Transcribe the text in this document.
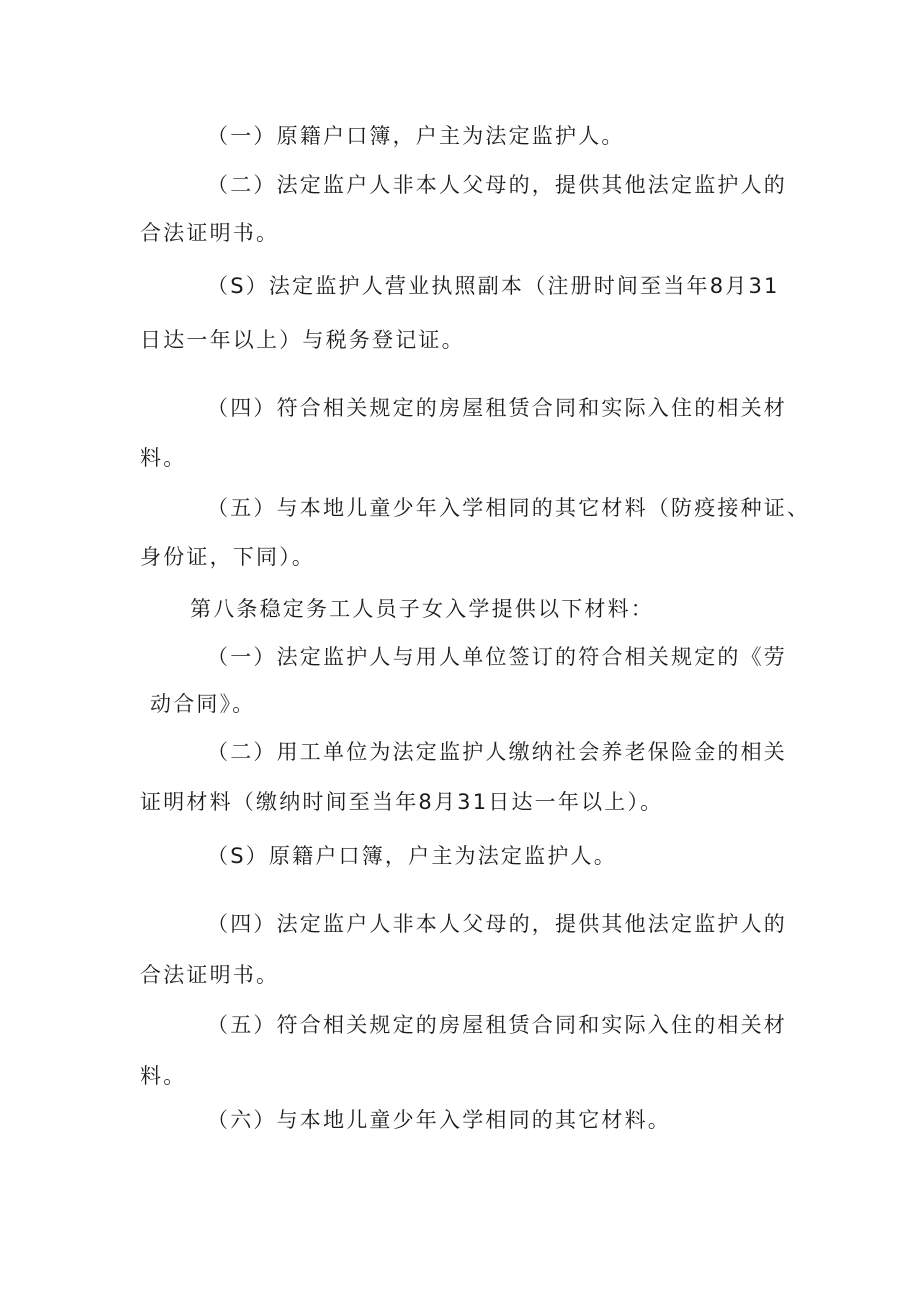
（一）原籍户口簿，户主为法定监护人。
（二）法定监户人非本人父母的，提供其他法定监护人的
合法证明书。
（S）法定监护人营业执照副本（注册时间至当年8月31
日达一年以上）与税务登记证。
（四）符合相关规定的房屋租赁合同和实际入住的相关材
料。
（五）与本地儿童少年入学相同的其它材料（防疫接种证、
身份证，下同）。
第八条稳定务工人员子女入学提供以下材料：
（一）法定监护人与用人单位签订的符合相关规定的《劳
动合同》。
（二）用工单位为法定监护人缴纳社会养老保险金的相关
证明材料（缴纳时间至当年8月31日达一年以上）。
（S）原籍户口簿，户主为法定监护人。
（四）法定监户人非本人父母的，提供其他法定监护人的
合法证明书。
（五）符合相关规定的房屋租赁合同和实际入住的相关材
料。
（六）与本地儿童少年入学相同的其它材料。
